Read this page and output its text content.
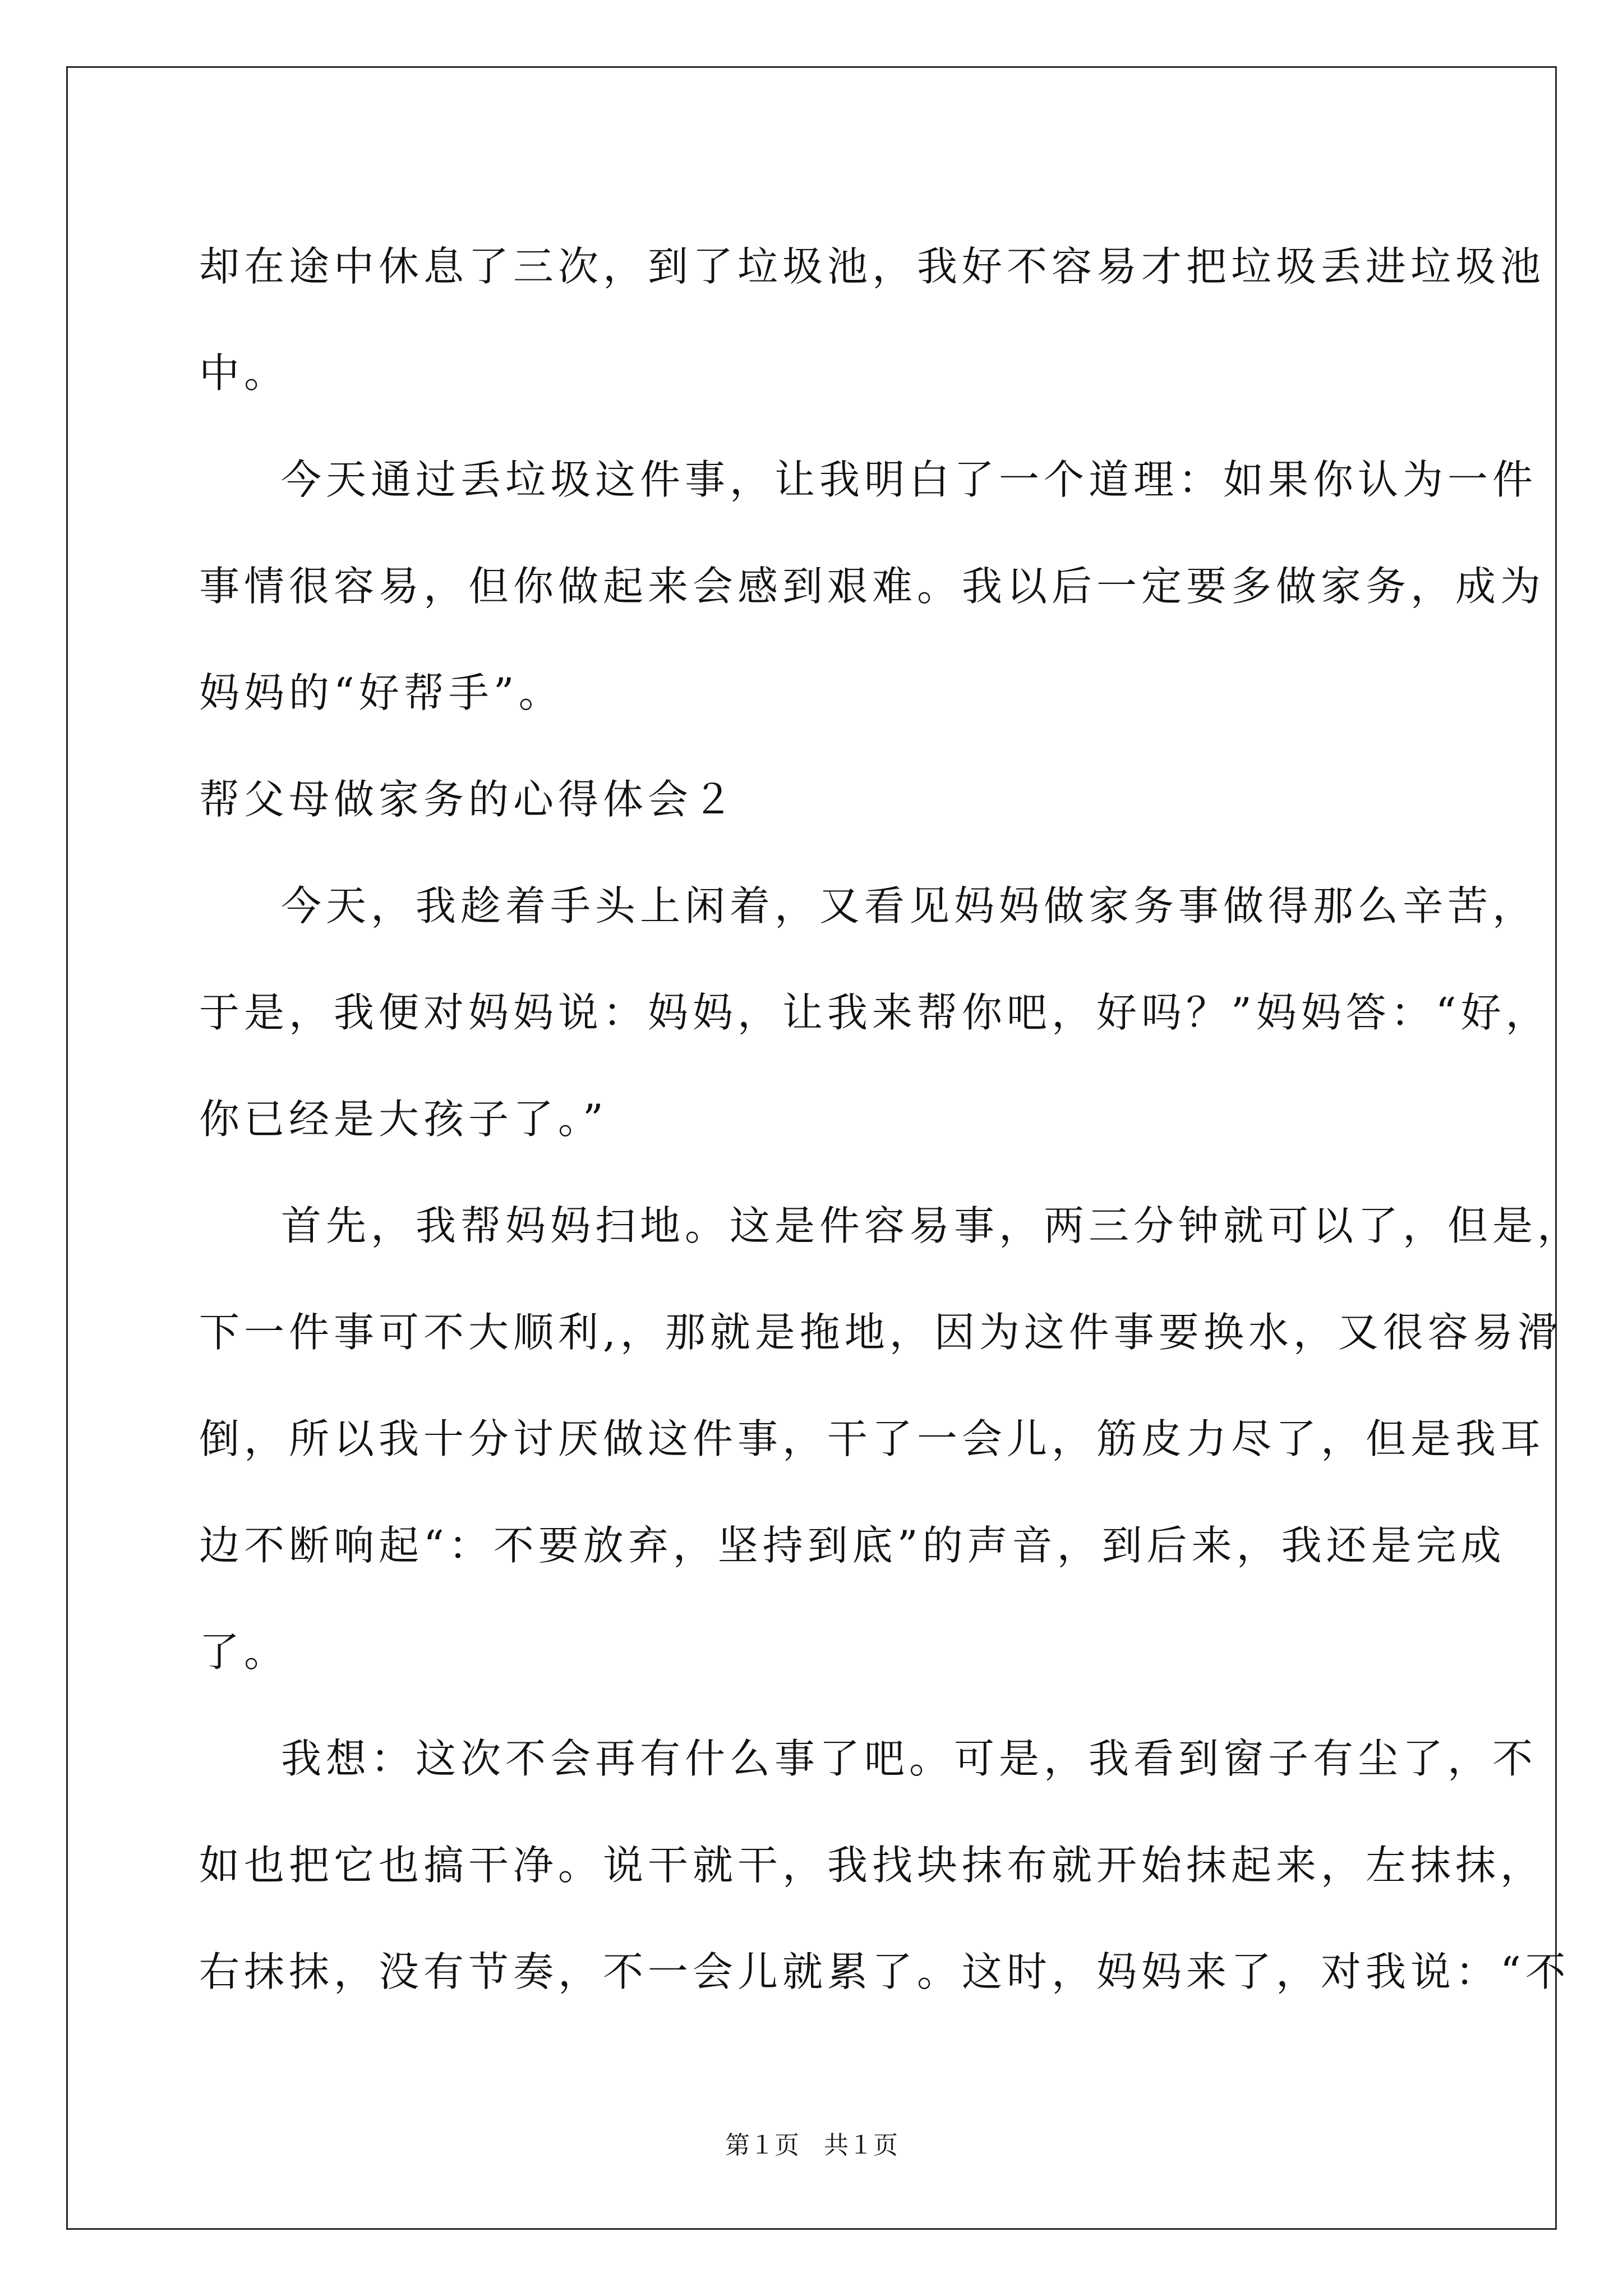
却在途中休息了三次，到了垃圾池，我好不容易才把垃圾丢进垃圾池
中。
今天通过丢垃圾这件事，让我明白了一个道理：如果你认为一件
事情很容易，但你做起来会感到艰难。我以后一定要多做家务，成为
妈妈的“好帮手”。
帮父母做家务的心得体会２
今天，我趁着手头上闲着，又看见妈妈做家务事做得那么辛苦，
于是，我便对妈妈说：妈妈，让我来帮你吧，好吗？”妈妈答：“好，
你已经是大孩子了。”
首先，我帮妈妈扫地。这是件容易事，两三分钟就可以了，但是，
下一件事可不大顺利,，那就是拖地，因为这件事要换水，又很容易滑
倒，所以我十分讨厌做这件事，干了一会儿，筋皮力尽了，但是我耳
边不断响起“：不要放弃，坚持到底”的声音，到后来，我还是完成
了。
我想：这次不会再有什么事了吧。可是，我看到窗子有尘了，不
如也把它也搞干净。说干就干，我找块抹布就开始抹起来，左抹抹，
右抹抹，没有节奏，不一会儿就累了。这时，妈妈来了，对我说：“不
第１页　共１页
